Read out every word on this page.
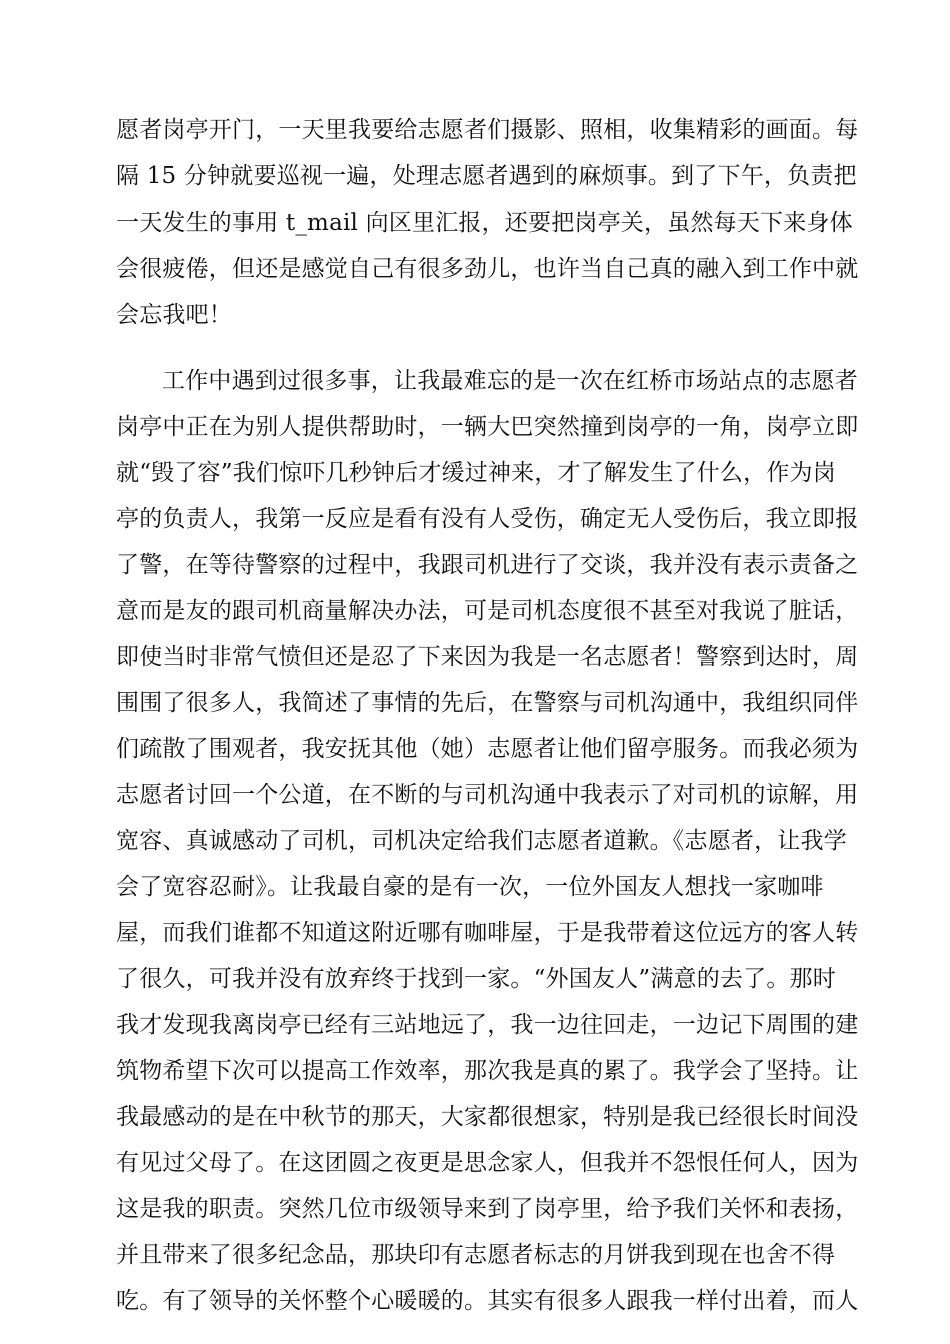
愿者岗亭开门，一天里我要给志愿者们摄影、照相，收集精彩的画面。每
隔 15 分钟就要巡视一遍，处理志愿者遇到的麻烦事。到了下午，负责把
一天发生的事用 t_mail 向区里汇报，还要把岗亭关，虽然每天下来身体
会很疲倦，但还是感觉自己有很多劲儿，也许当自己真的融入到工作中就
会忘我吧！
工作中遇到过很多事，让我最难忘的是一次在红桥市场站点的志愿者
岗亭中正在为别人提供帮助时，一辆大巴突然撞到岗亭的一角，岗亭立即
就“毁了容”我们惊吓几秒钟后才缓过神来，才了解发生了什么，作为岗
亭的负责人，我第一反应是看有没有人受伤，确定无人受伤后，我立即报
了警，在等待警察的过程中，我跟司机进行了交谈，我并没有表示责备之
意而是友的跟司机商量解决办法，可是司机态度很不甚至对我说了脏话，
即使当时非常气愤但还是忍了下来因为我是一名志愿者！警察到达时，周
围围了很多人，我简述了事情的先后，在警察与司机沟通中，我组织同伴
们疏散了围观者，我安抚其他（她）志愿者让他们留亭服务。而我必须为
志愿者讨回一个公道，在不断的与司机沟通中我表示了对司机的谅解，用
宽容、真诚感动了司机，司机决定给我们志愿者道歉。《志愿者，让我学
会了宽容忍耐》。让我最自豪的是有一次，一位外国友人想找一家咖啡
屋，而我们谁都不知道这附近哪有咖啡屋，于是我带着这位远方的客人转
了很久，可我并没有放弃终于找到一家。“外国友人”满意的去了。那时
我才发现我离岗亭已经有三站地远了，我一边往回走，一边记下周围的建
筑物希望下次可以提高工作效率，那次我是真的累了。我学会了坚持。让
我最感动的是在中秋节的那天，大家都很想家，特别是我已经很长时间没
有见过父母了。在这团圆之夜更是思念家人，但我并不怨恨任何人，因为
这是我的职责。突然几位市级领导来到了岗亭里，给予我们关怀和表扬，
并且带来了很多纪念品，那块印有志愿者标志的月饼我到现在也舍不得
吃。有了领导的关怀整个心暖暖的。其实有很多人跟我一样付出着，而人
